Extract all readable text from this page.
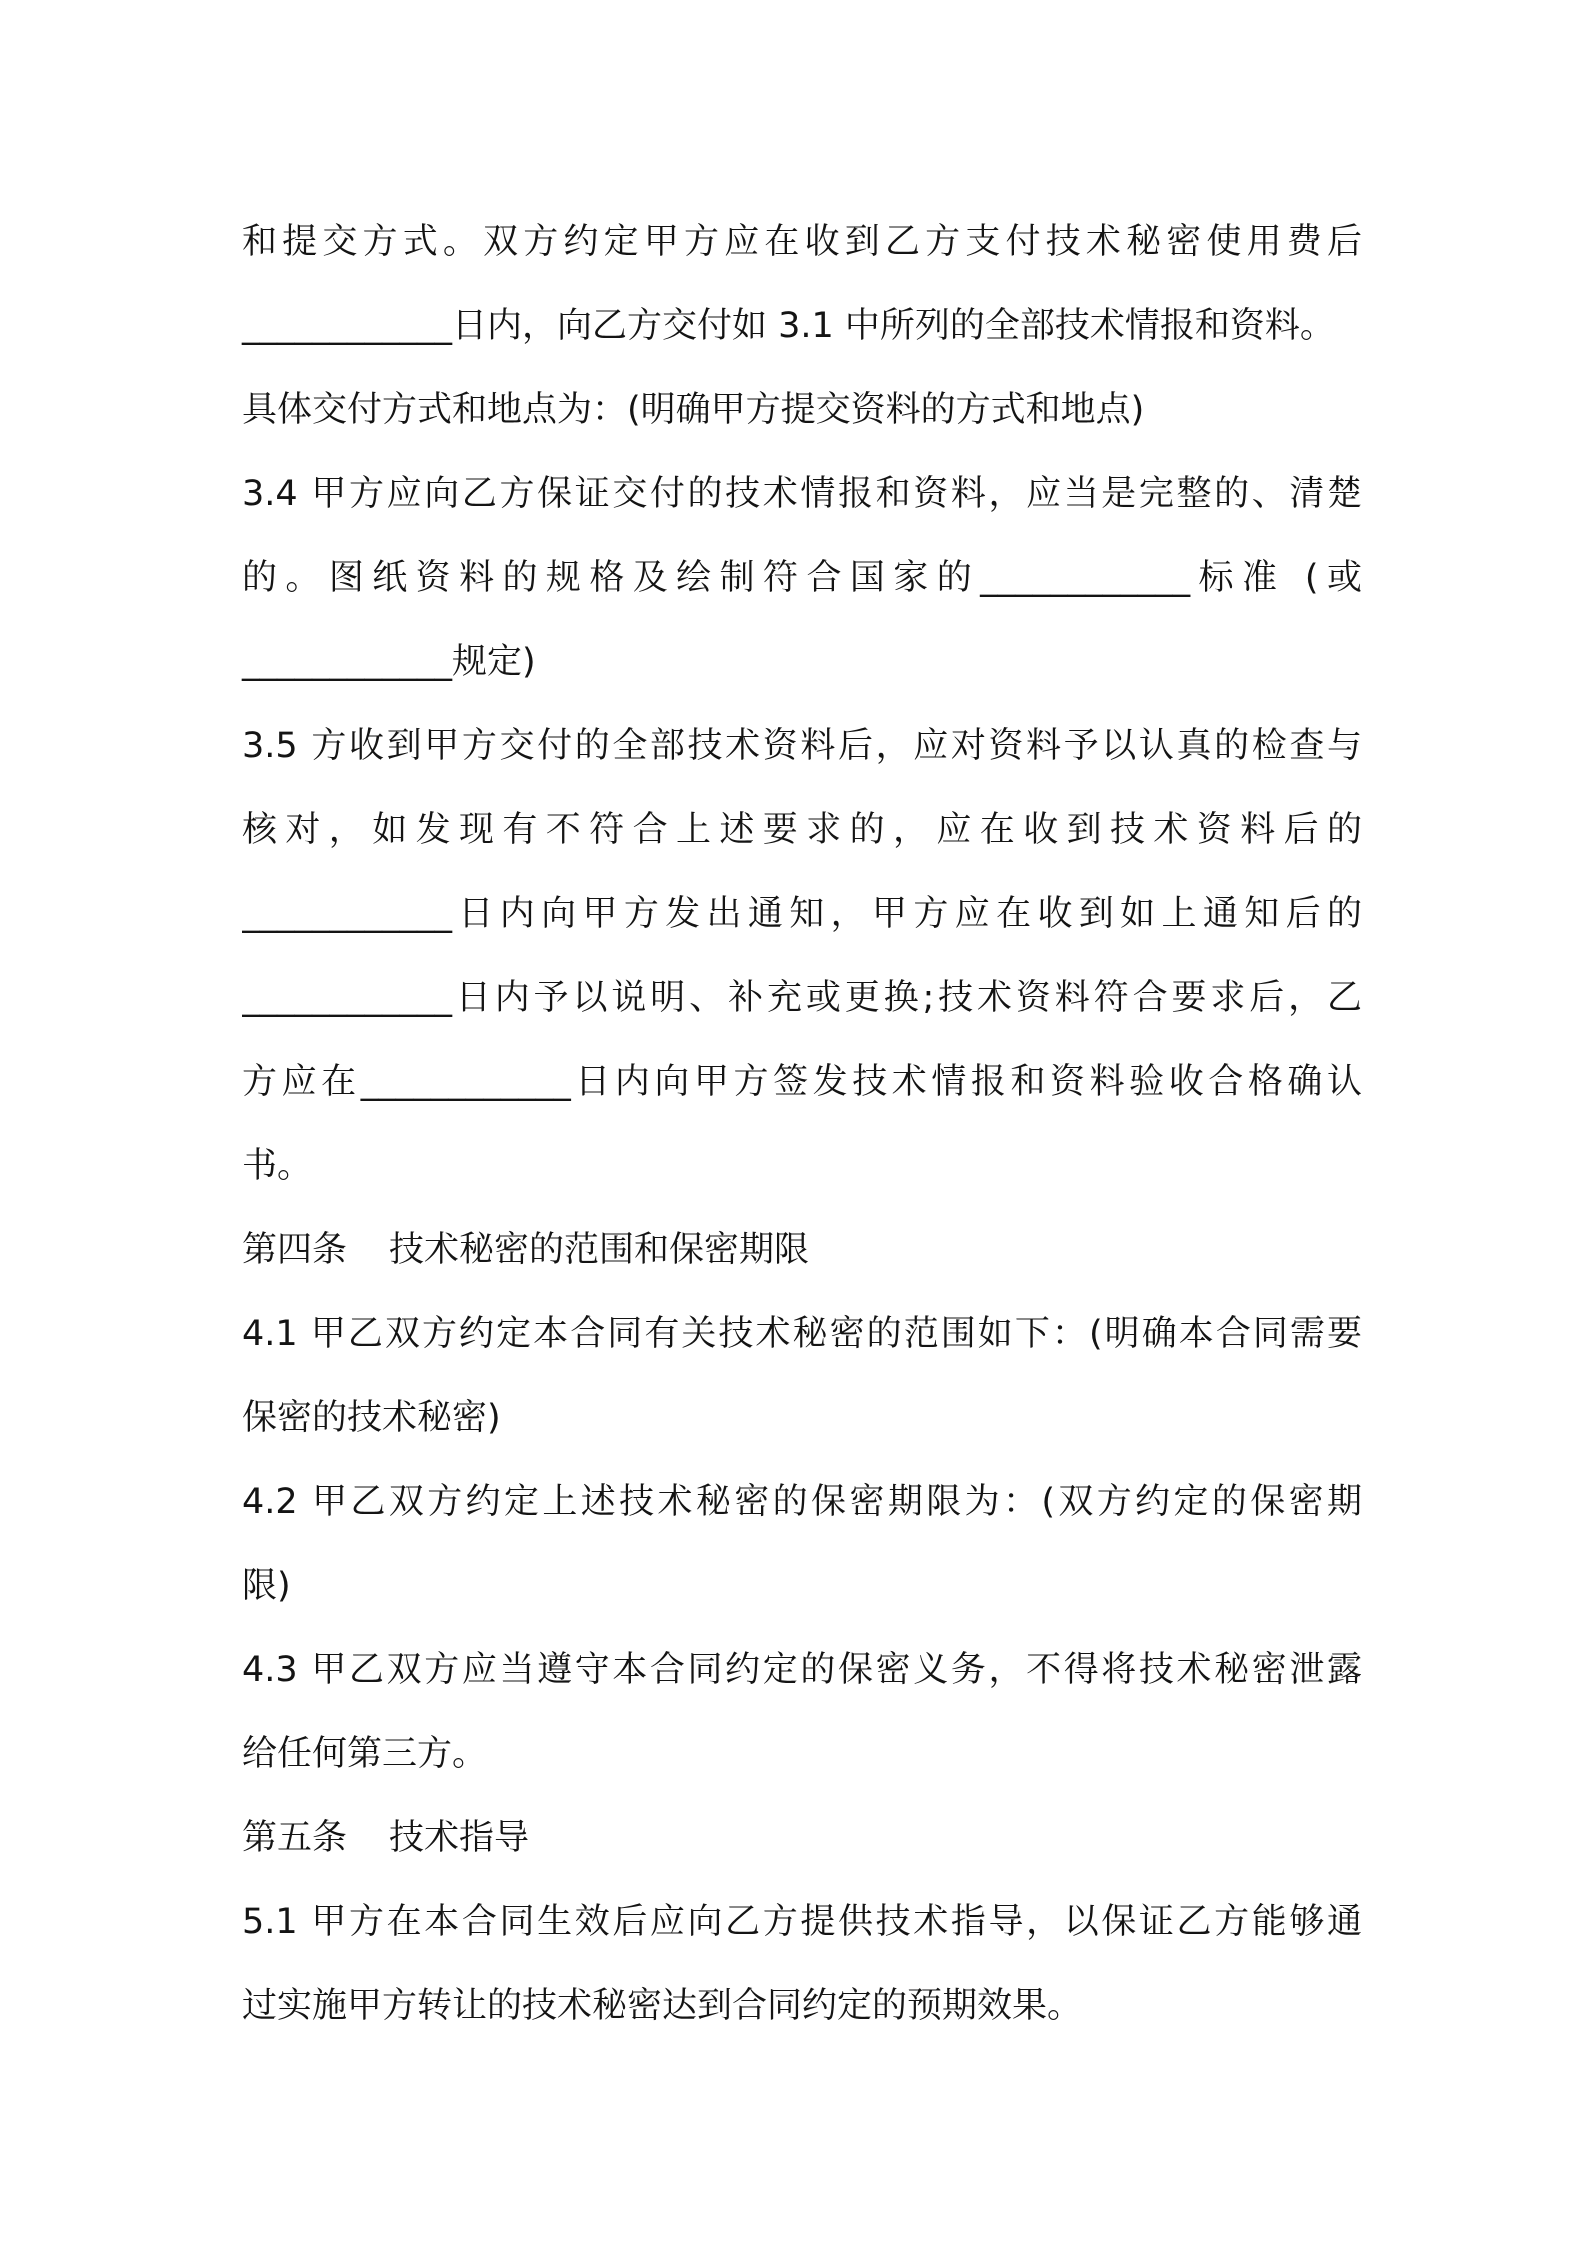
和提交方式。双方约定甲方应在收到乙方支付技术秘密使用费后
____________日内，向乙方交付如 3.1 中所列的全部技术情报和资料。
具体交付方式和地点为：(明确甲方提交资料的方式和地点)
3.4 甲方应向乙方保证交付的技术情报和资料，应当是完整的、清楚
的。图纸资料的规格及绘制符合国家的____________标准 (或
____________规定)
3.5 方收到甲方交付的全部技术资料后，应对资料予以认真的检查与
核对，如发现有不符合上述要求的，应在收到技术资料后的
____________日内向甲方发出通知，甲方应在收到如上通知后的
____________日内予以说明、补充或更换;技术资料符合要求后，乙
方应在____________日内向甲方签发技术情报和资料验收合格确认
书。
第四条 技术秘密的范围和保密期限
4.1 甲乙双方约定本合同有关技术秘密的范围如下：(明确本合同需要
保密的技术秘密)
4.2 甲乙双方约定上述技术秘密的保密期限为：(双方约定的保密期
限)
4.3 甲乙双方应当遵守本合同约定的保密义务，不得将技术秘密泄露
给任何第三方。
第五条 技术指导
5.1 甲方在本合同生效后应向乙方提供技术指导，以保证乙方能够通
过实施甲方转让的技术秘密达到合同约定的预期效果。
